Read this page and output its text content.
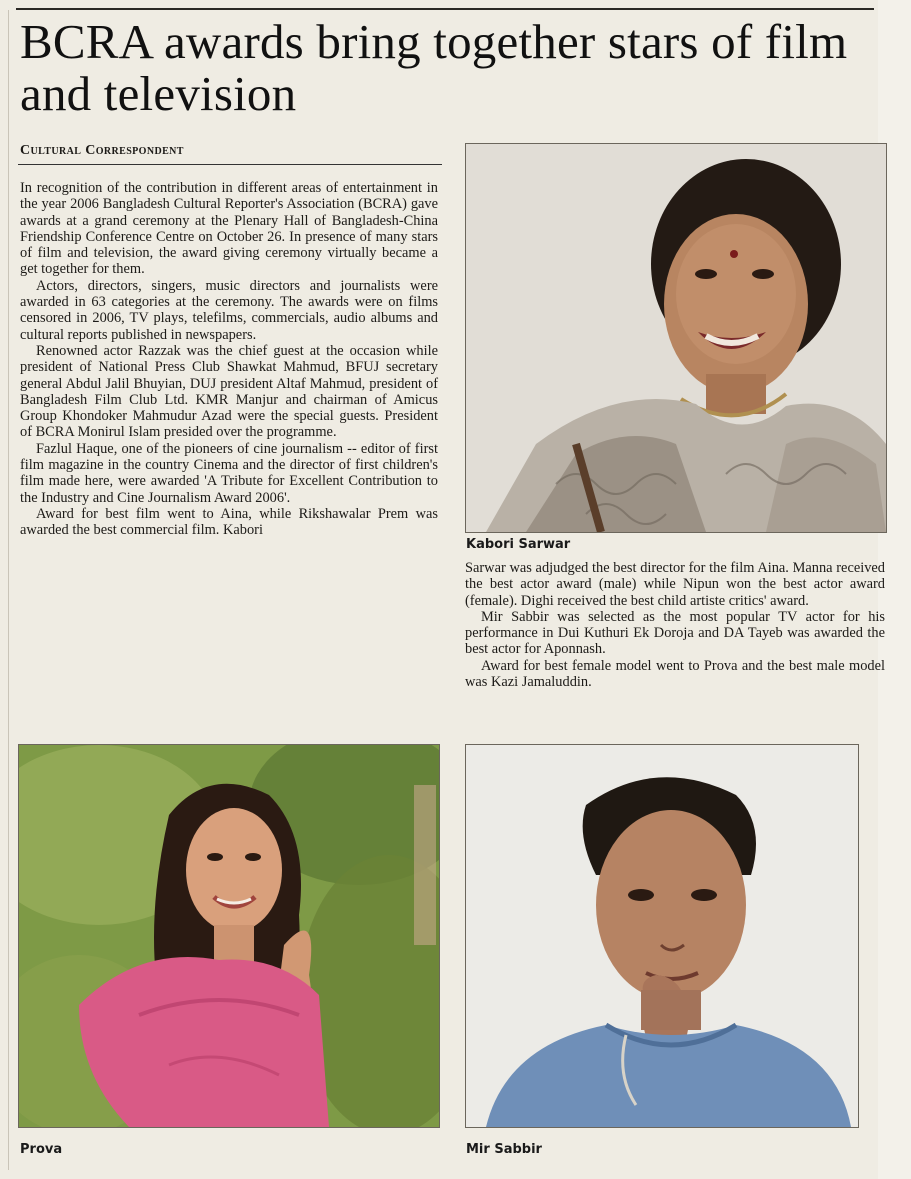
BCRA awards bring together stars of film and television
Cultural Correspondent

In recognition of the contribution in different areas of entertainment in the year 2006 Bangladesh Cultural Reporter's Association (BCRA) gave awards at a grand ceremony at the Plenary Hall of Bangladesh-China Friendship Conference Centre on October 26. In presence of many stars of film and television, the award giving ceremony virtually became a get together for them.

Actors, directors, singers, music directors and journalists were awarded in 63 categories at the ceremony. The awards were on films censored in 2006, TV plays, telefilms, commercials, audio albums and cultural reports published in newspapers.

Renowned actor Razzak was the chief guest at the occasion while president of National Press Club Shawkat Mahmud, BFUJ secretary general Abdul Jalil Bhuyian, DUJ president Altaf Mahmud, president of Bangladesh Film Club Ltd. KMR Manjur and chairman of Amicus Group Khondoker Mahmudur Azad were the special guests. President of BCRA Monirul Islam presided over the programme.

Fazlul Haque, one of the pioneers of cine journalism -- editor of first film magazine in the country Cinema and the director of first children's film made here, were awarded 'A Tribute for Excellent Contribution to the Industry and Cine Journalism Award 2006'.

Award for best film went to Aina, while Rikshawalar Prem was awarded the best commercial film. Kabori

Kabori Sarwar

Sarwar was adjudged the best director for the film Aina. Manna received the best actor award (male) while Nipun won the best actor award (female). Dighi received the best child artiste critics' award.

Mir Sabbir was selected as the most popular TV actor for his performance in Dui Kuthuri Ek Doroja and DA Tayeb was awarded the best actor for Aponnash.

Award for best female model went to Prova and the best male model was Kazi Jamaluddin.

Prova	Mir Sabbir
